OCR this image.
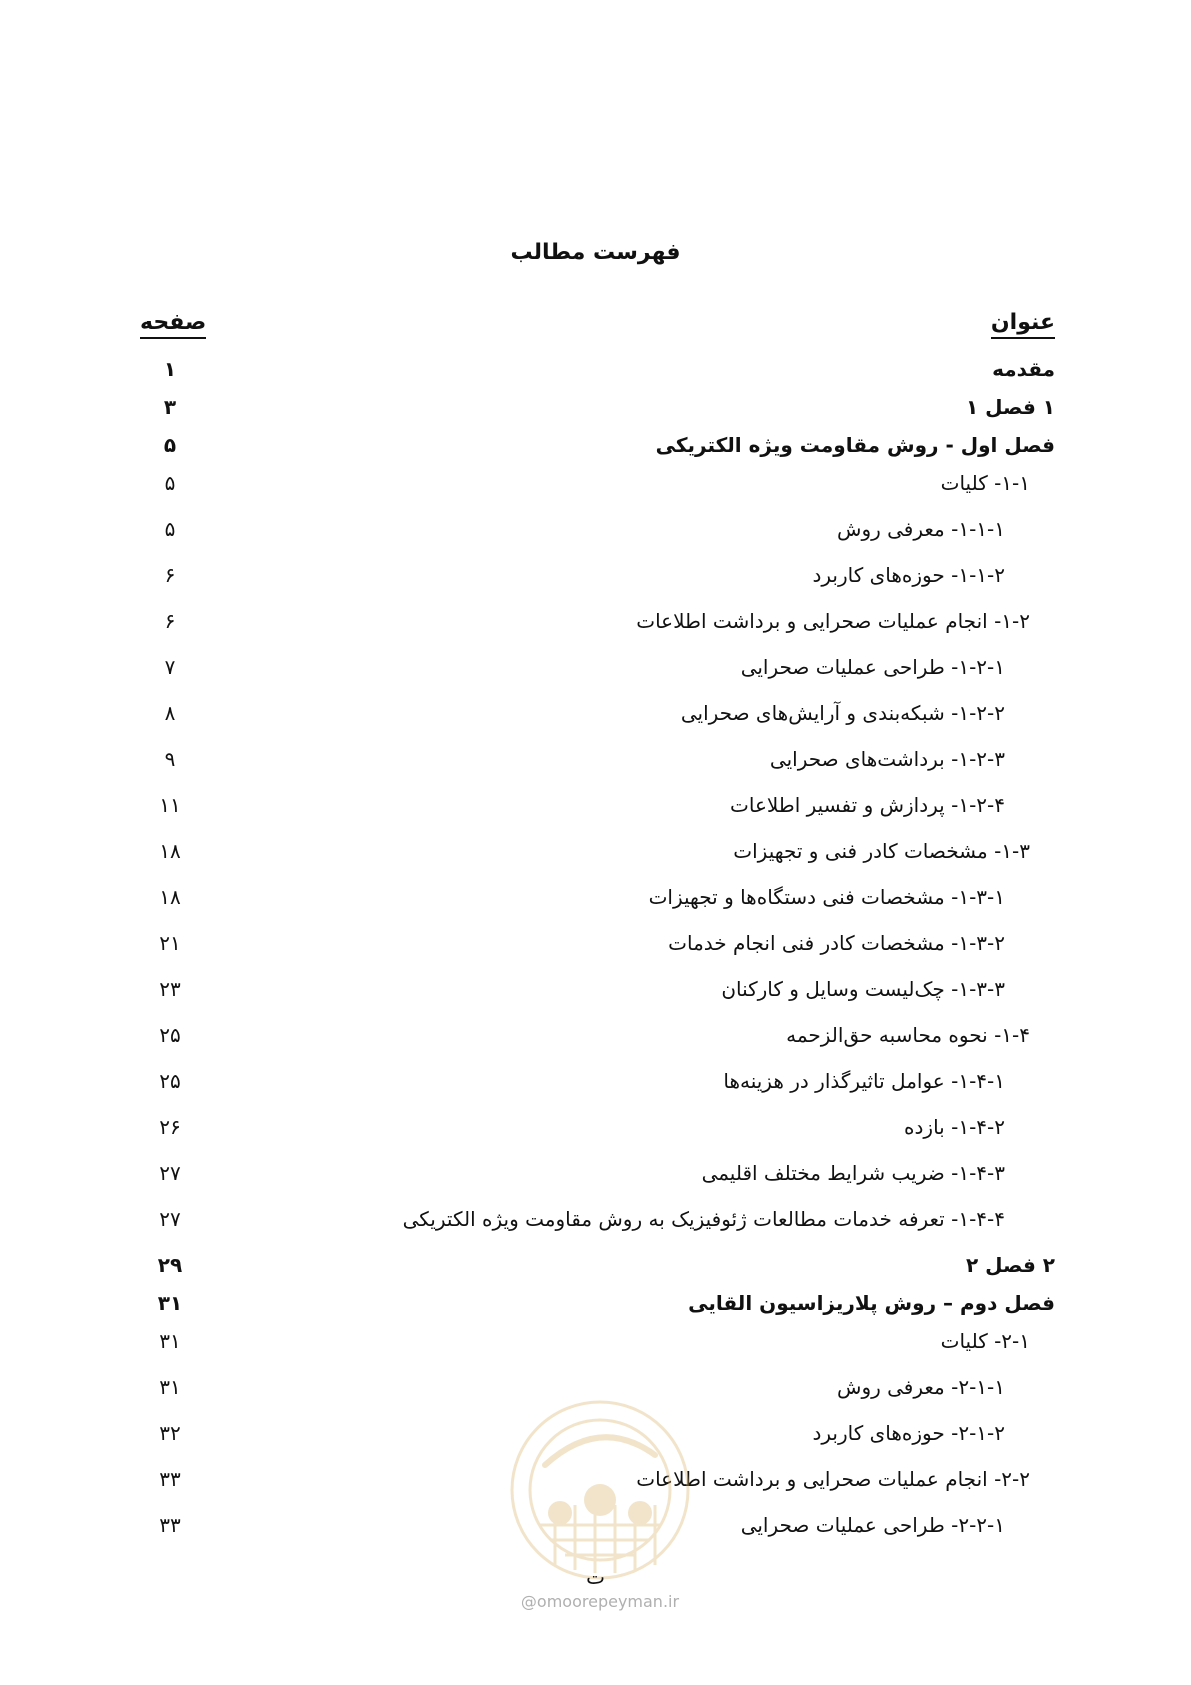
فهرست مطالب
عنوان
صفحه
مقدمه
۱
۱ فصل ۱
۳
فصل اول - روش مقاومت ویژه الکتریکی
۵
۱-۱- کلیات
۵
۱-۱-۱- معرفی روش
۵
۱-۱-۲- حوزه‌های کاربرد
۶
۱-۲- انجام عملیات صحرایی و برداشت اطلاعات
۶
۱-۲-۱- طراحی عملیات صحرایی
۷
۱-۲-۲- شبکه‌بندی و آرایش‌های صحرایی
۸
۱-۲-۳- برداشت‌های صحرایی
۹
۱-۲-۴- پردازش و تفسیر اطلاعات
۱۱
۱-۳- مشخصات کادر فنی و تجهیزات
۱۸
۱-۳-۱- مشخصات فنی دستگاه‌ها و تجهیزات
۱۸
۱-۳-۲- مشخصات کادر فنی انجام خدمات
۲۱
۱-۳-۳- چک‌لیست وسایل و کارکنان
۲۳
۱-۴- نحوه محاسبه حق‌الزحمه
۲۵
۱-۴-۱- عوامل تاثیرگذار در هزینه‌ها
۲۵
۱-۴-۲- بازده
۲۶
۱-۴-۳- ضریب شرایط مختلف اقلیمی
۲۷
۱-۴-۴- تعرفه خدمات مطالعات ژئوفیزیک به روش مقاومت ویژه الکتریکی
۲۷
۲ فصل ۲
۲۹
فصل دوم – روش پلاریزاسیون القایی
۳۱
۲-۱- کلیات
۳۱
۲-۱-۱- معرفی روش
۳۱
۲-۱-۲- حوزه‌های کاربرد
۳۲
۲-۲- انجام عملیات صحرایی و برداشت اطلاعات
۳۳
۲-۲-۱- طراحی عملیات صحرایی
۳۳
@omoorepeyman.ir
ت
